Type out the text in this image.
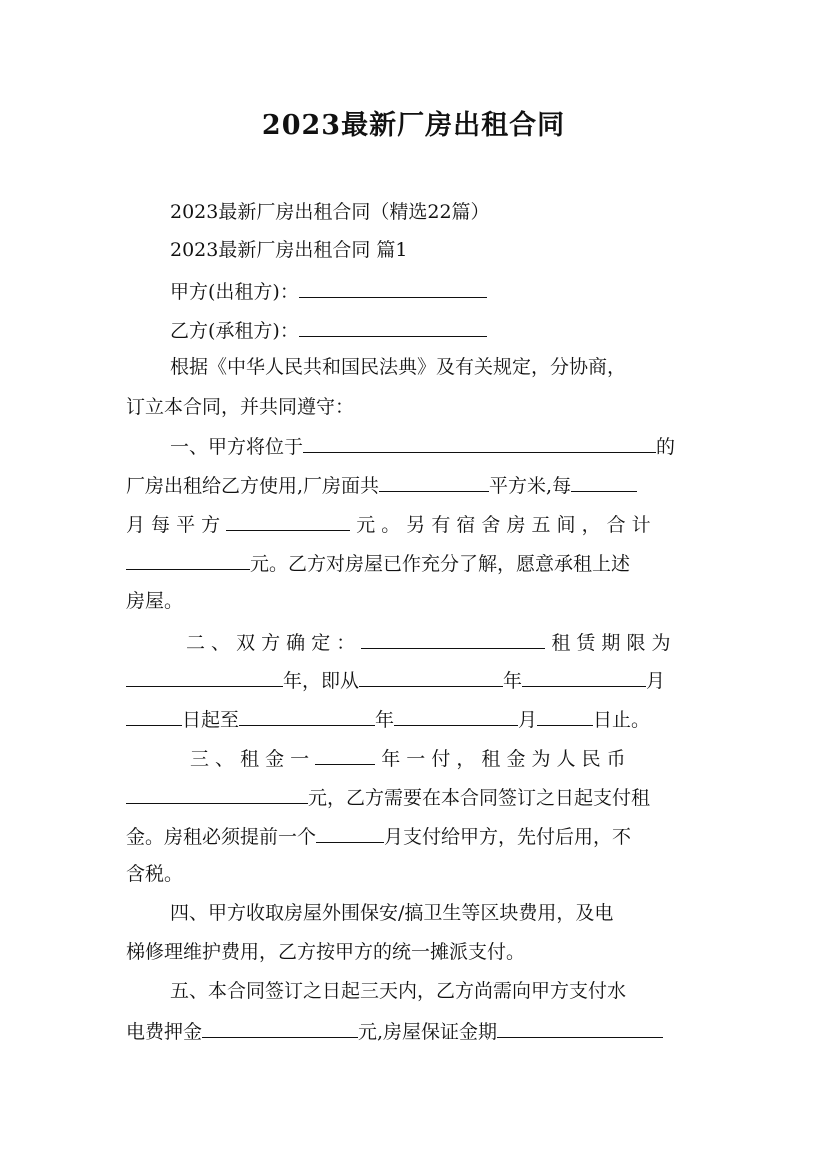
2023最新厂房出租合同
2023最新厂房出租合同（精选22篇）
2023最新厂房出租合同 篇1
甲方(出租方)：
乙方(承租方)：
根据《中华人民共和国民法典》及有关规定，分协商，
订立本合同，并共同遵守：
一、甲方将位于	的
厂房出租给乙方使用,厂房面共	平方米,每
月 每 平 方	元 。 另 有 宿 舍 房 五 间 ， 合 计
元。乙方对房屋已作充分了解，愿意承租上述
房屋。
二 、 双 方 确 定 ：	租 赁 期 限 为
年，即从	年	月
日起至	年	月	日止。
三 、 租 金 一	年 一 付 ， 租 金 为 人 民 币
元，乙方需要在本合同签订之日起支付租
金。房租必须提前一个	月支付给甲方，先付后用，不
含税。
四、甲方收取房屋外围保安/搞卫生等区块费用，及电
梯修理维护费用，乙方按甲方的统一摊派支付。
五、本合同签订之日起三天内，乙方尚需向甲方支付水
电费押金	元,房屋保证金期
